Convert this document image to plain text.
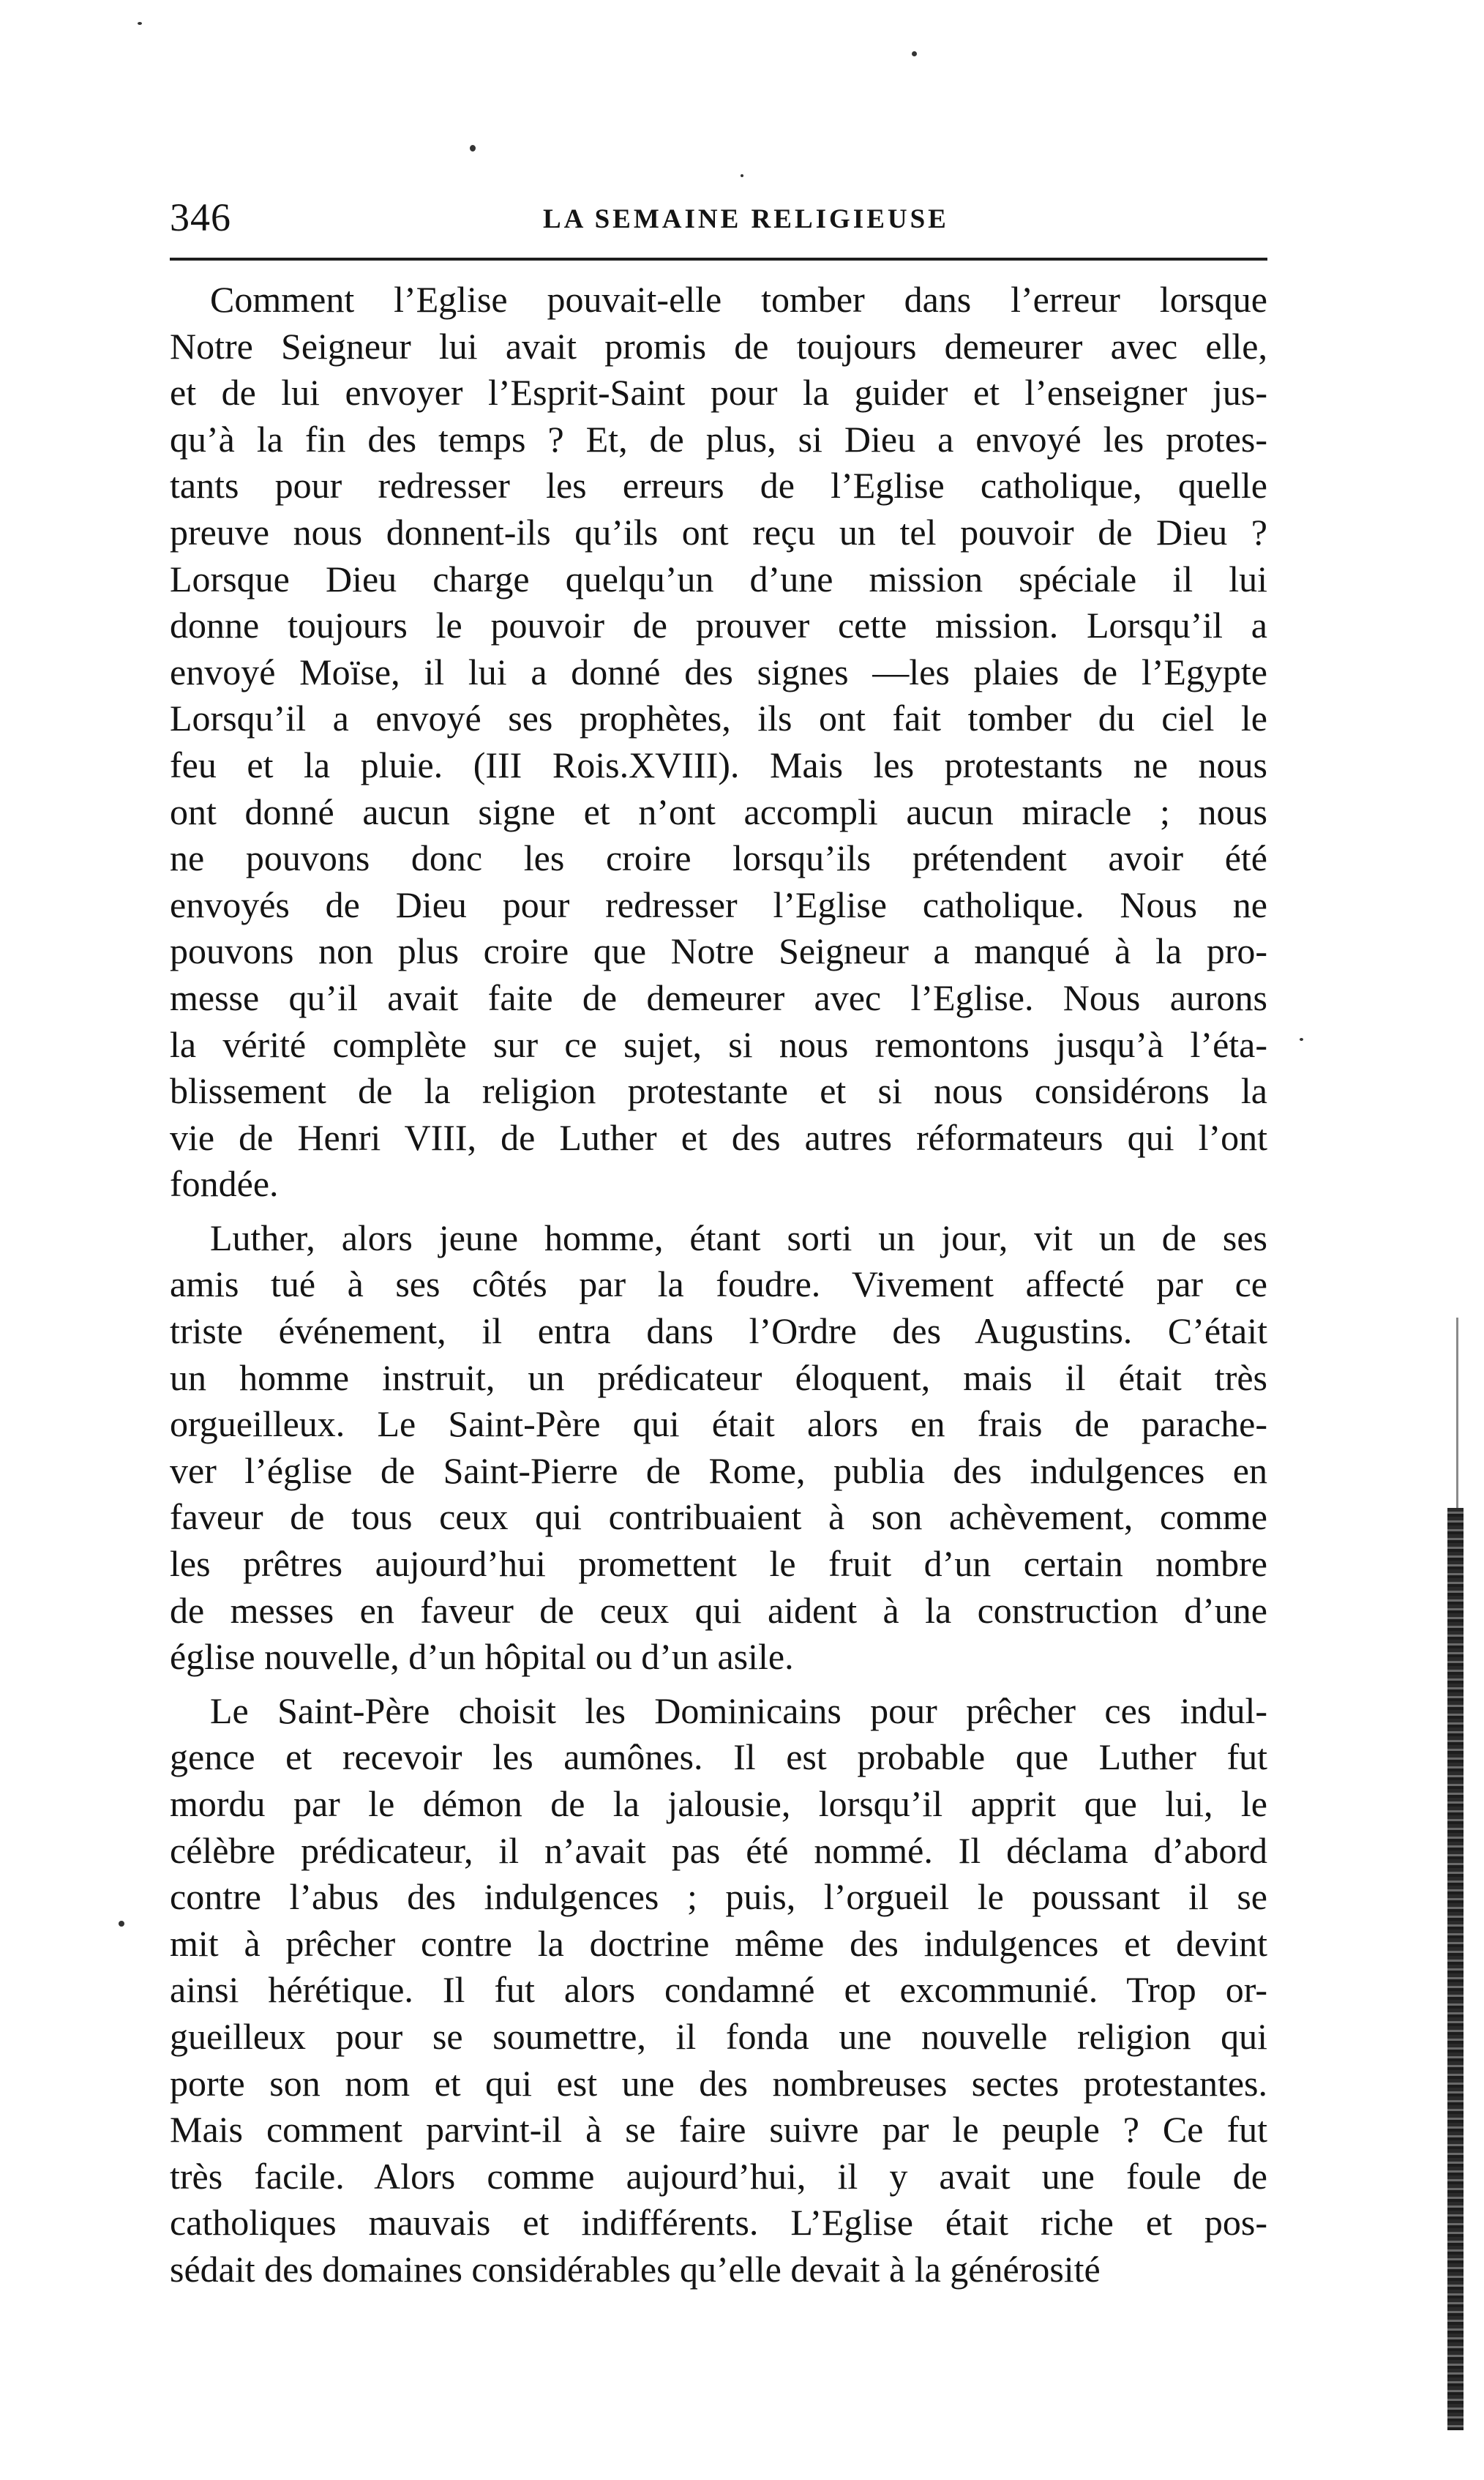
346	LA SEMAINE RELIGIEUSE
Comment l’Eglise pouvait-elle tomber dans l’erreur lorsque
Notre Seigneur lui avait promis de toujours demeurer avec elle,
et de lui envoyer l’Esprit-Saint pour la guider et l’enseigner jus-
qu’à la fin des temps ? Et, de plus, si Dieu a envoyé les protes-
tants pour redresser les erreurs de l’Eglise catholique, quelle
preuve nous donnent-ils qu’ils ont reçu un tel pouvoir de Dieu ?
Lorsque Dieu charge quelqu’un d’une mission spéciale il lui
donne toujours le pouvoir de prouver cette mission. Lorsqu’il a
envoyé Moïse, il lui a donné des signes —les plaies de l’Egypte
Lorsqu’il a envoyé ses prophètes, ils ont fait tomber du ciel le
feu et la pluie. (III Rois.XVIII). Mais les protestants ne nous
ont donné aucun signe et n’ont accompli aucun miracle ; nous
ne pouvons donc les croire lorsqu’ils prétendent avoir été
envoyés de Dieu pour redresser l’Eglise catholique. Nous ne
pouvons non plus croire que Notre Seigneur a manqué à la pro-
messe qu’il avait faite de demeurer avec l’Eglise. Nous aurons
la vérité complète sur ce sujet, si nous remontons jusqu’à l’éta-
blissement de la religion protestante et si nous considérons la
vie de Henri VIII, de Luther et des autres réformateurs qui l’ont
fondée.
Luther, alors jeune homme, étant sorti un jour, vit un de ses
amis tué à ses côtés par la foudre. Vivement affecté par ce
triste événement, il entra dans l’Ordre des Augustins. C’était
un homme instruit, un prédicateur éloquent, mais il était très
orgueilleux. Le Saint-Père qui était alors en frais de parache-
ver l’église de Saint-Pierre de Rome, publia des indulgences en
faveur de tous ceux qui contribuaient à son achèvement, comme
les prêtres aujourd’hui promettent le fruit d’un certain nombre
de messes en faveur de ceux qui aident à la construction d’une
église nouvelle, d’un hôpital ou d’un asile.
Le Saint-Père choisit les Dominicains pour prêcher ces indul-
gence et recevoir les aumônes. Il est probable que Luther fut
mordu par le démon de la jalousie, lorsqu’il apprit que lui, le
célèbre prédicateur, il n’avait pas été nommé. Il déclama d’abord
contre l’abus des indulgences ; puis, l’orgueil le poussant il se
mit à prêcher contre la doctrine même des indulgences et devint
ainsi hérétique. Il fut alors condamné et excommunié. Trop or-
gueilleux pour se soumettre, il fonda une nouvelle religion qui
porte son nom et qui est une des nombreuses sectes protestantes.
Mais comment parvint-il à se faire suivre par le peuple ? Ce fut
très facile. Alors comme aujourd’hui, il y avait une foule de
catholiques mauvais et indifférents. L’Eglise était riche et pos-
sédait des domaines considérables qu’elle devait à la générosité
